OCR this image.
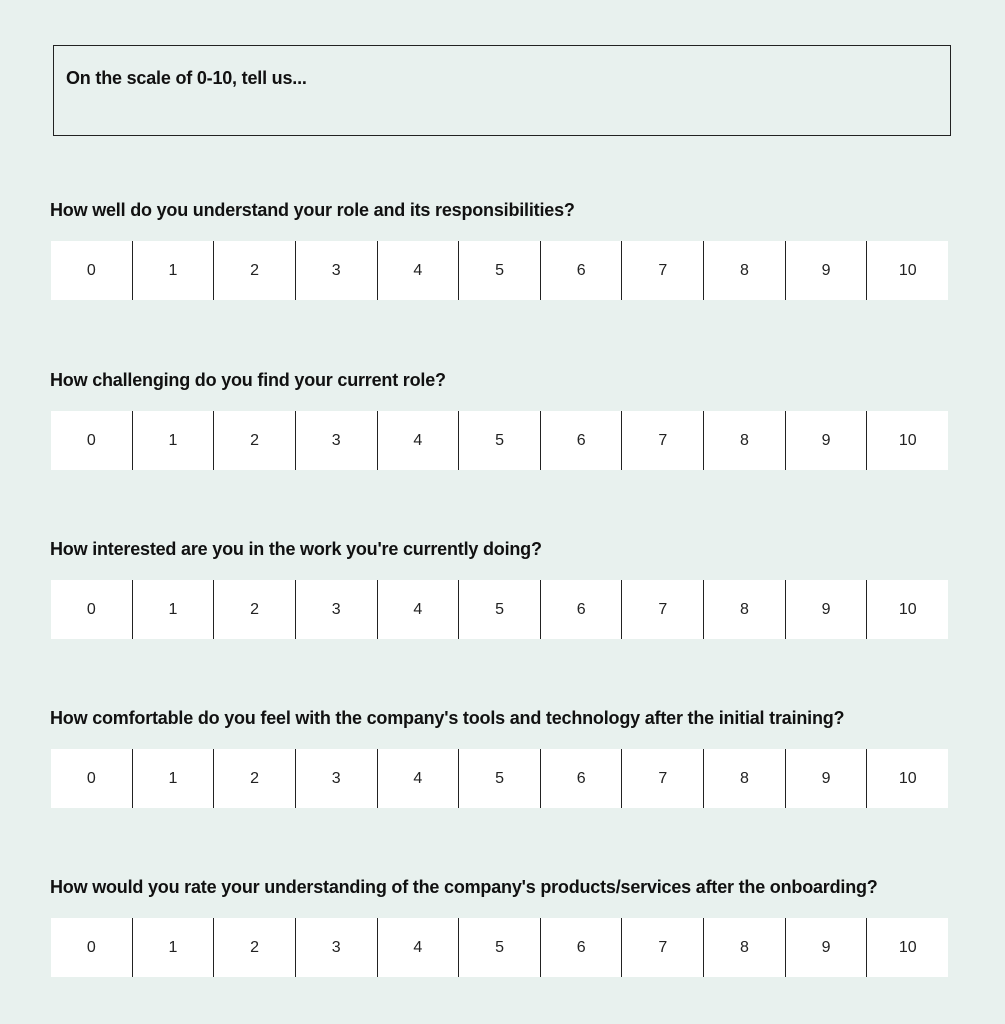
On the scale of 0-10, tell us...
How well do you understand your role and its responsibilities?
0	1	2	3	4	5	6	7	8	9	10
How challenging do you find your current role?
0	1	2	3	4	5	6	7	8	9	10
How interested are you in the work you're currently doing?
0	1	2	3	4	5	6	7	8	9	10
How comfortable do you feel with the company's tools and technology after the initial training?
0	1	2	3	4	5	6	7	8	9	10
How would you rate your understanding of the company's products/services after the onboarding?
0	1	2	3	4	5	6	7	8	9	10
